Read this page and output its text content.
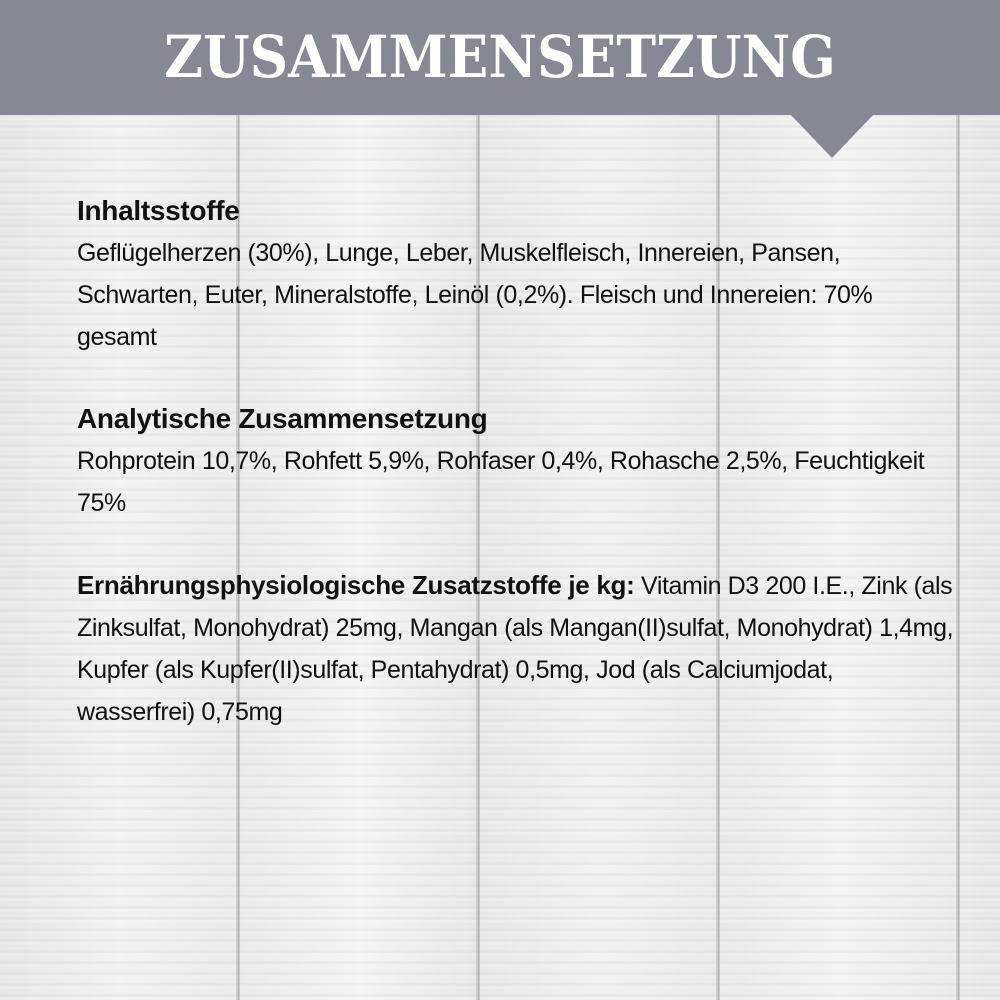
ZUSAMMENSETZUNG

Inhaltsstoffe

Geflügelherzen (30%), Lunge, Leber, Muskelfleisch, Innereien, Pansen, Schwarten, Euter, Mineralstoffe, Leinöl (0,2%). Fleisch und Innereien: 70% gesamt

Analytische Zusammensetzung

Rohprotein 10,7%, Rohfett 5,9%, Rohfaser 0,4%, Rohasche 2,5%, Feuchtigkeit 75%

Ernährungsphysiologische Zusatzstoffe je kg: Vitamin D3 200 I.E., Zink (als Zinksulfat, Monohydrat) 25mg, Mangan (als Mangan(II)sulfat, Monohydrat) 1,4mg, Kupfer (als Kupfer(II)sulfat, Pentahydrat) 0,5mg, Jod (als Calciumjodat, wasserfrei) 0,75mg
